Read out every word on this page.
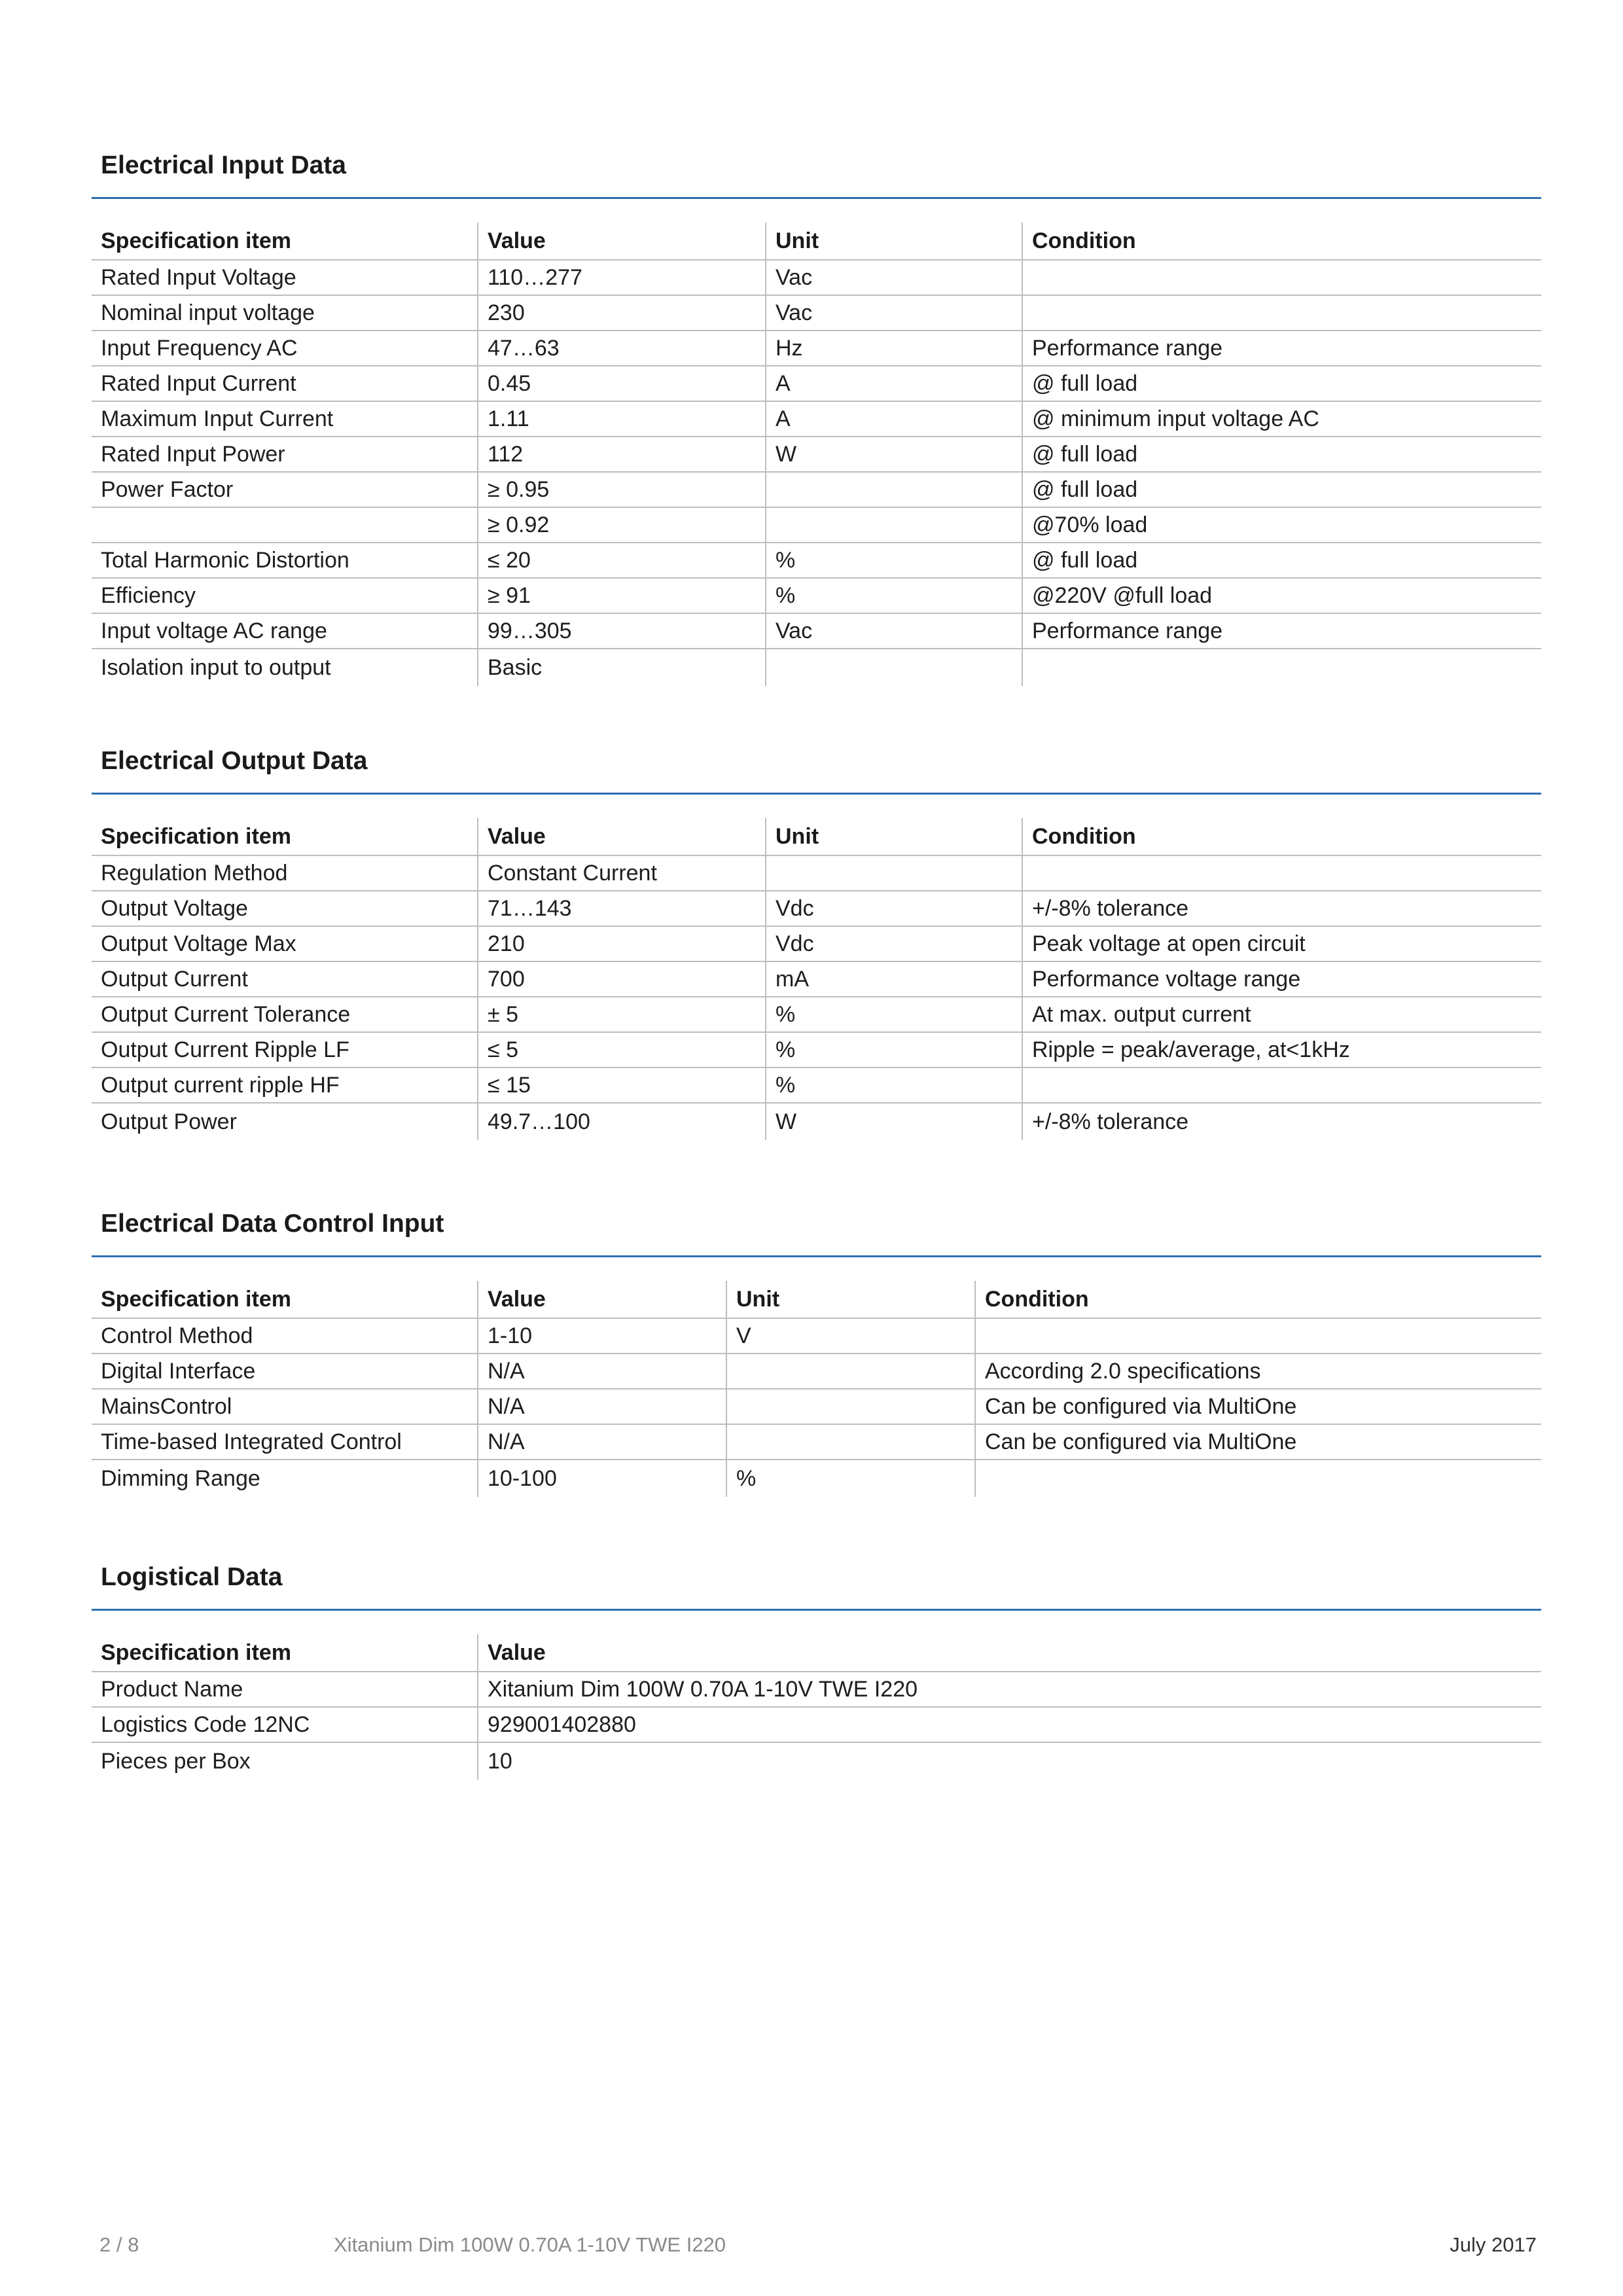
Electrical Input Data
Specification item	Value	Unit	Condition
Rated Input Voltage	110…277	Vac	
Nominal input voltage	230	Vac	
Input Frequency AC	47…63	Hz	Performance range
Rated Input Current	0.45	A	@ full load
Maximum Input Current	1.11	A	@ minimum input voltage AC
Rated Input Power	112	W	@ full load
Power Factor	≥ 0.95		@ full load
	≥ 0.92		@70% load
Total Harmonic Distortion	≤ 20	%	@ full load
Efficiency	≥ 91	%	@220V @full load
Input voltage AC range	99…305	Vac	Performance range
Isolation input to output	Basic		
Electrical Output Data
Specification item	Value	Unit	Condition
Regulation Method	Constant Current		
Output Voltage	71…143	Vdc	+/-8% tolerance
Output Voltage Max	210	Vdc	Peak voltage at open circuit
Output Current	700	mA	Performance voltage range
Output Current Tolerance	± 5	%	At max. output current
Output Current Ripple LF	≤ 5	%	Ripple = peak/average, at<1kHz
Output current ripple HF	≤ 15	%	
Output Power	49.7…100	W	+/-8% tolerance
Electrical Data Control Input
Specification item	Value	Unit	Condition
Control Method	1-10	V	
Digital Interface	N/A		According 2.0 specifications
MainsControl	N/A		Can be configured via MultiOne
Time-based Integrated Control	N/A		Can be configured via MultiOne
Dimming Range	10-100	%	
Logistical Data
Specification item	Value
Product Name	Xitanium Dim 100W 0.70A 1-10V TWE I220
Logistics Code 12NC	929001402880
Pieces per Box	10
2 / 8	Xitanium Dim 100W 0.70A 1-10V TWE I220	July 2017
